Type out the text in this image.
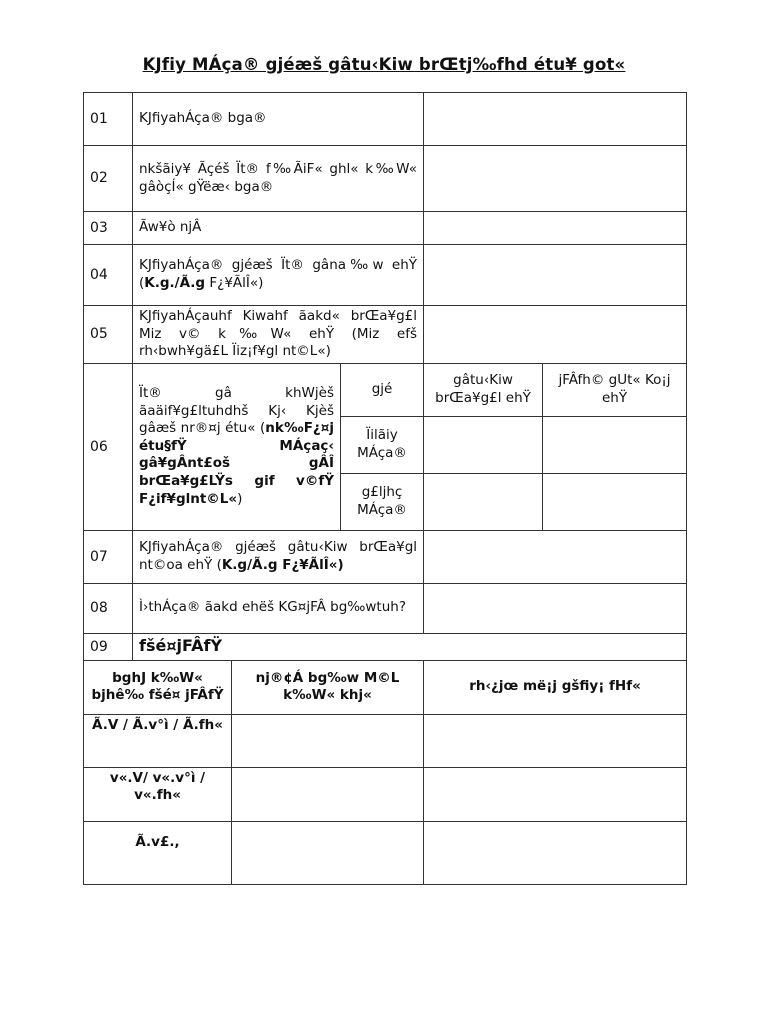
KJfiy MÁça® gjéæš gâtu‹Kiw brŒtj‰fhd étu¥ got«
01	KJfiyahÁça® bga®				
02	nkšãiy¥ Ãçéš Ït® f‰ÃiF« ghl« k‰W« gâòçÍ« gŸëæ‹ bga®				
03	Ãw¥ò njÂ				
04	KJfiyahÁça® gjéæš Ït® gâna‰w ehŸ (K.g./Ã.g F¿¥ÃlÎ«)				
05	KJfiyahÁçauhf Kiwahf ãakd« brŒa¥g£l Miz v© k‰W« ehŸ (Miz efš rh‹bwh¥gä£L Ïiz¡f¥gl nt©L«)				
06	Ït® gâ khWjèš ãaäif¥g£ltuhdhš Kj‹ Kjèš gâæš nr®¤j étu« (nk‰F¿¤j étu§fŸ MÁçaç‹ gâ¥gÂnt£oš gÂÎ brŒa¥g£LŸs gif v©fŸ F¿if¥glnt©L«)		gjé	gâtu‹Kiw brŒa¥g£l ehŸ	jFÂfh© gUt« Ko¡j ehŸ
			Ïilãiy MÁça®		
			g£ljhç MÁça®		
07	KJfiyahÁça® gjéæš gâtu‹Kiw brŒa¥gl nt©oa ehŸ (K.g/Ã.g F¿¥ÃlÎ«)				
08	Ì›thÁça® ãakd ehëš KG¤jFÂ bg‰wtuh?				
09	fšé¤jFÂfŸ				
bghJ k‰W« bjhê‰ fšé¤ jFÂfŸ		nj®¢Á bg‰w M©L k‰W« khj«		rh‹¿jœ më¡j gšfiy¡ fHf«	
Ã.V / Ã.v°ì / Ã.fh«					
v«.V/ v«.v°ì / v«.fh«					
Ã.v£.,					
